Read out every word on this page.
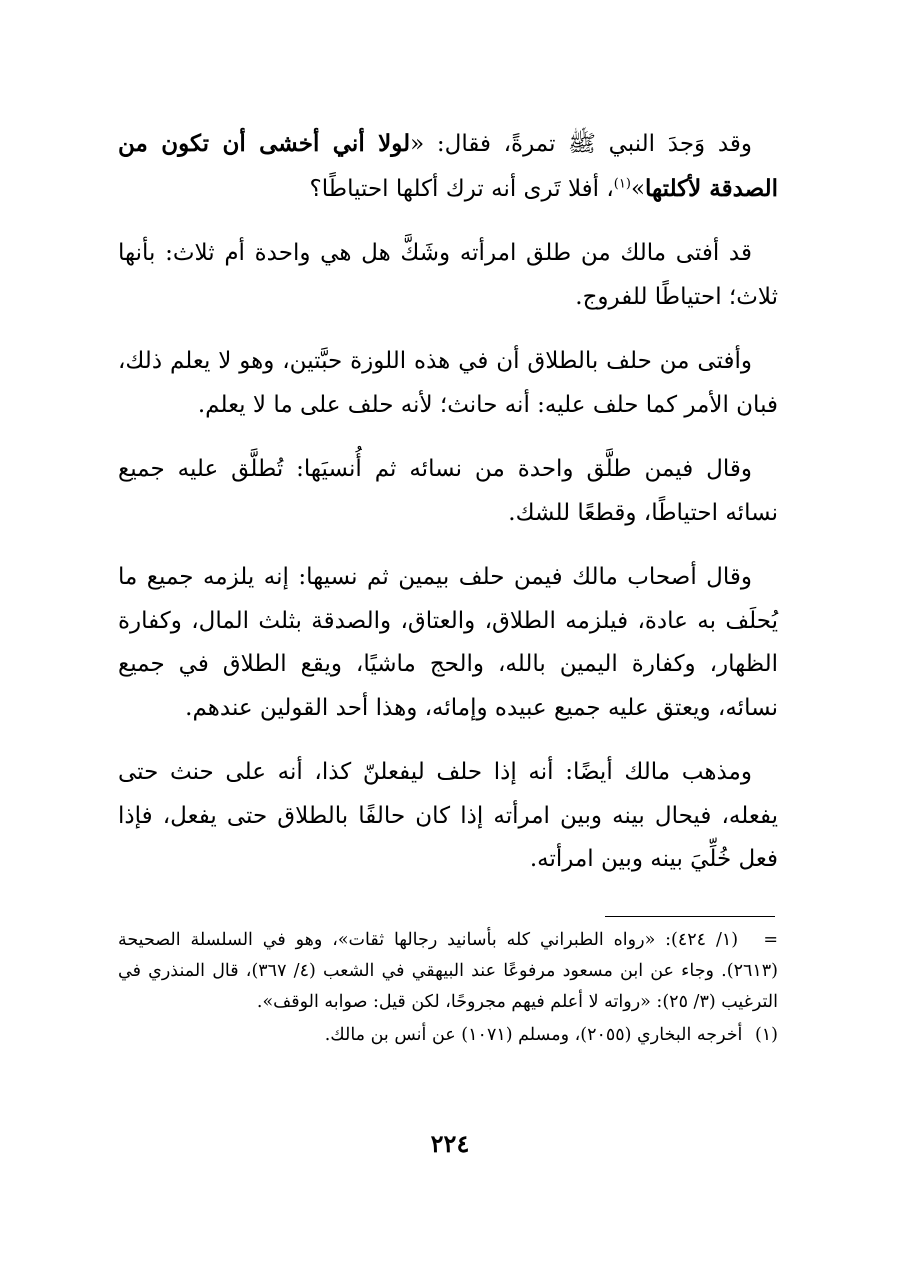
وقد وَجدَ النبي ﷺ تمرةً، فقال: «لولا أني أخشى أن تكون من الصدقة لأكلتها»$^{(١)}$، أفلا تَرى أنه ترك أكلها احتياطًا؟

قد أفتى مالك من طلق امرأته وشَكَّ هل هي واحدة أم ثلاث: بأنها ثلاث؛ احتياطًا للفروج.

وأفتى من حلف بالطلاق أن في هذه اللوزة حبَّتين، وهو لا يعلم ذلك، فبان الأمر كما حلف عليه: أنه حانث؛ لأنه حلف على ما لا يعلم.

وقال فيمن طلَّق واحدة من نسائه ثم أُنسيَها: تُطلَّق عليه جميع نسائه احتياطًا، وقطعًا للشك.

وقال أصحاب مالك فيمن حلف بيمين ثم نسيها: إنه يلزمه جميع ما يُحلَف به عادة، فيلزمه الطلاق، والعتاق، والصدقة بثلث المال، وكفارة الظهار، وكفارة اليمين بالله، والحج ماشيًا، ويقع الطلاق في جميع نسائه، ويعتق عليه جميع عبيده وإمائه، وهذا أحد القولين عندهم.

ومذهب مالك أيضًا: أنه إذا حلف ليفعلنّ كذا، أنه على حنث حتى يفعله، فيحال بينه وبين امرأته إذا كان حالفًا بالطلاق حتى يفعل، فإذا فعل خُلِّيَ بينه وبين امرأته.

= (١/ ٤٢٤): «رواه الطبراني كله بأسانيد رجالها ثقات»، وهو في السلسلة الصحيحة (٢٦١٣). وجاء عن ابن مسعود مرفوعًا عند البيهقي في الشعب (٤/ ٣٦٧)، قال المنذري في الترغيب (٣/ ٢٥): «رواته لا أعلم فيهم مجروحًا، لكن قيل: صوابه الوقف».
(١) أخرجه البخاري (٢٠٥٥)، ومسلم (١٠٧١) عن أنس بن مالك.
٢٢٤
